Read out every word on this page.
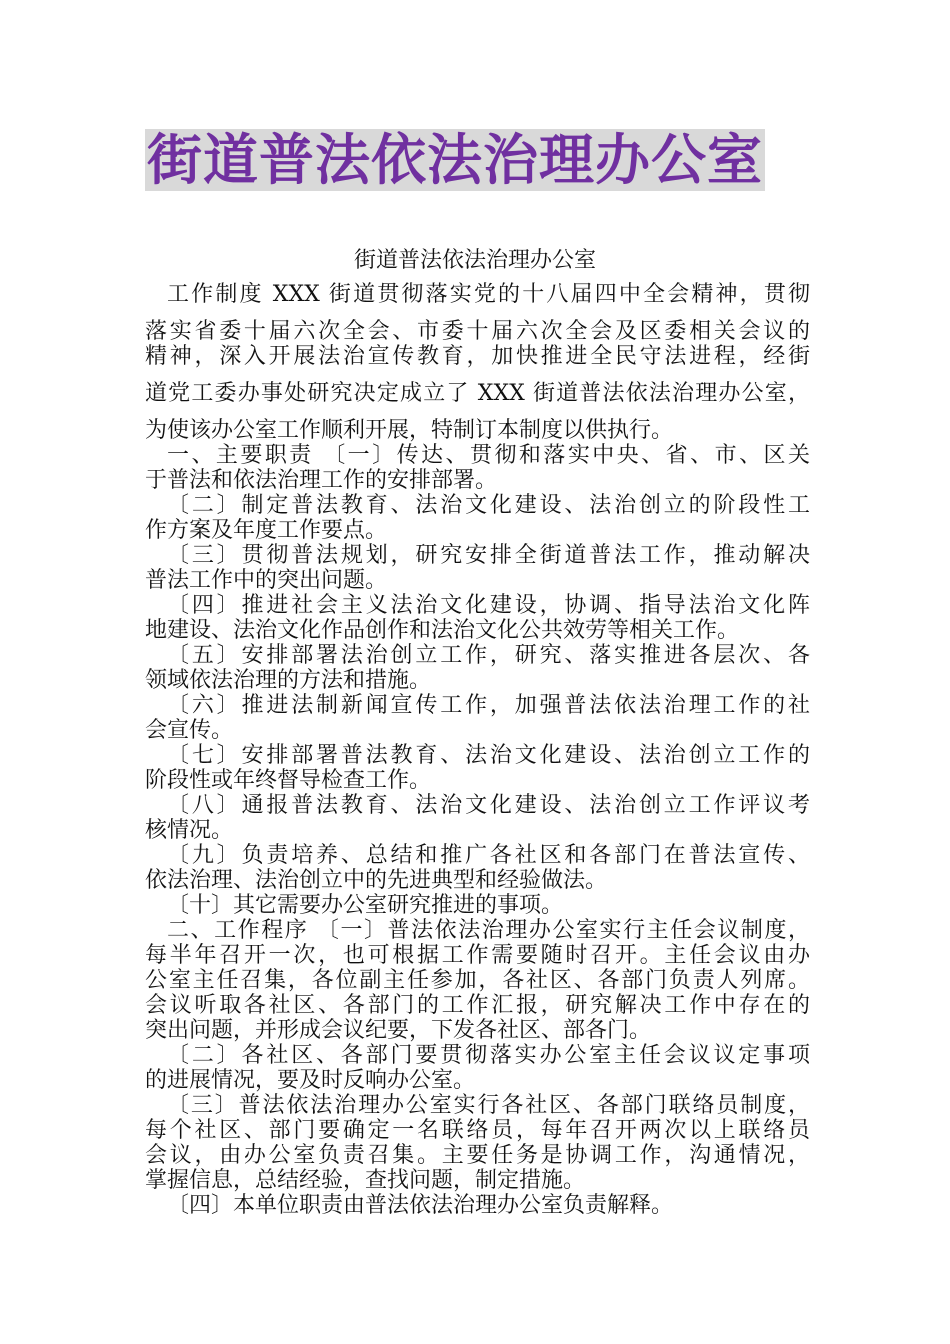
街道普法依法治理办公室
街道普法依法治理办公室
工作制度 XXX 街道贯彻落实党的十八届四中全会精神，贯彻
落实省委十届六次全会、市委十届六次全会及区委相关会议的
精神，深入开展法治宣传教育，加快推进全民守法进程，经街
道党工委办事处研究决定成立了 XXX 街道普法依法治理办公室，
为使该办公室工作顺利开展，特制订本制度以供执行。
一、主要职责 〔一〕传达、贯彻和落实中央、省、市、区关
于普法和依法治理工作的安排部署。
〔二〕制定普法教育、法治文化建设、法治创立的阶段性工
作方案及年度工作要点。
〔三〕贯彻普法规划，研究安排全街道普法工作，推动解决
普法工作中的突出问题。
〔四〕推进社会主义法治文化建设，协调、指导法治文化阵
地建设、法治文化作品创作和法治文化公共效劳等相关工作。
〔五〕安排部署法治创立工作，研究、落实推进各层次、各
领域依法治理的方法和措施。
〔六〕推进法制新闻宣传工作，加强普法依法治理工作的社
会宣传。
〔七〕安排部署普法教育、法治文化建设、法治创立工作的
阶段性或年终督导检查工作。
〔八〕通报普法教育、法治文化建设、法治创立工作评议考
核情况。
〔九〕负责培养、总结和推广各社区和各部门在普法宣传、
依法治理、法治创立中的先进典型和经验做法。
〔十〕其它需要办公室研究推进的事项。
二、工作程序 〔一〕普法依法治理办公室实行主任会议制度，
每半年召开一次，也可根据工作需要随时召开。主任会议由办
公室主任召集，各位副主任参加，各社区、各部门负责人列席。
会议听取各社区、各部门的工作汇报，研究解决工作中存在的
突出问题，并形成会议纪要，下发各社区、部各门。
〔二〕各社区、各部门要贯彻落实办公室主任会议议定事项
的进展情况，要及时反响办公室。
〔三〕普法依法治理办公室实行各社区、各部门联络员制度，
每个社区、部门要确定一名联络员，每年召开两次以上联络员
会议，由办公室负责召集。主要任务是协调工作，沟通情况，
掌握信息，总结经验，查找问题，制定措施。
〔四〕本单位职责由普法依法治理办公室负责解释。
